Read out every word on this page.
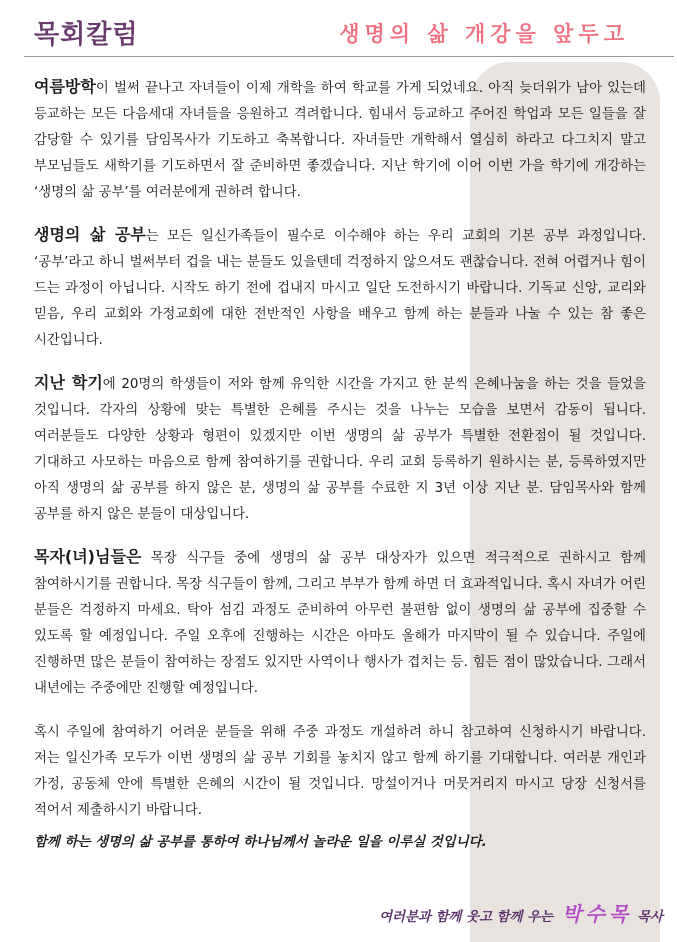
목회칼럼	생명의 삶 개강을 앞두고

여름방학이 벌써 끝나고 자녀들이 이제 개학을 하여 학교를 가게 되었네요. 아직 늦더위가 남아 있는데 등교하는 모든 다음세대 자녀들을 응원하고 격려합니다. 힘내서 등교하고 주어진 학업과 모든 일들을 잘 감당할 수 있기를 담임목사가 기도하고 축복합니다. 자녀들만 개학해서 열심히 하라고 다그치지 말고 부모님들도 새학기를 기도하면서 잘 준비하면 좋겠습니다. 지난 학기에 이어 이번 가을 학기에 개강하는 ‘생명의 삶 공부’를 여러분에게 권하려 합니다.

생명의 삶 공부는 모든 일신가족들이 필수로 이수해야 하는 우리 교회의 기본 공부 과정입니다. ‘공부’라고 하니 벌써부터 겁을 내는 분들도 있을텐데 걱정하지 않으셔도 괜찮습니다. 전혀 어렵거나 힘이 드는 과정이 아닙니다. 시작도 하기 전에 겁내지 마시고 일단 도전하시기 바랍니다. 기독교 신앙, 교리와 믿음, 우리 교회와 가정교회에 대한 전반적인 사항을 배우고 함께 하는 분들과 나눌 수 있는 참 좋은 시간입니다.

지난 학기에 20명의 학생들이 저와 함께 유익한 시간을 가지고 한 분씩 은혜나눔을 하는 것을 들었을 것입니다. 각자의 상황에 맞는 특별한 은혜를 주시는 것을 나누는 모습을 보면서 감동이 됩니다. 여러분들도 다양한 상황과 형편이 있겠지만 이번 생명의 삶 공부가 특별한 전환점이 될 것입니다. 기대하고 사모하는 마음으로 함께 참여하기를 권합니다. 우리 교회 등록하기 원하시는 분, 등록하였지만 아직 생명의 삶 공부를 하지 않은 분, 생명의 삶 공부를 수료한 지 3년 이상 지난 분. 담임목사와 함께 공부를 하지 않은 분들이 대상입니다.

목자(녀)님들은 목장 식구들 중에 생명의 삶 공부 대상자가 있으면 적극적으로 권하시고 함께 참여하시기를 권합니다. 목장 식구들이 함께, 그리고 부부가 함께 하면 더 효과적입니다. 혹시 자녀가 어린 분들은 걱정하지 마세요. 탁아 섬김 과정도 준비하여 아무런 불편함 없이 생명의 삶 공부에 집중할 수 있도록 할 예정입니다. 주일 오후에 진행하는 시간은 아마도 올해가 마지막이 될 수 있습니다. 주일에 진행하면 많은 분들이 참여하는 장점도 있지만 사역이나 행사가 겹치는 등. 힘든 점이 많았습니다. 그래서 내년에는 주중에만 진행할 예정입니다.

혹시 주일에 참여하기 어려운 분들을 위해 주중 과정도 개설하려 하니 참고하여 신청하시기 바랍니다. 저는 일신가족 모두가 이번 생명의 삶 공부 기회를 놓치지 않고 함께 하기를 기대합니다. 여러분 개인과 가정, 공동체 안에 특별한 은혜의 시간이 될 것입니다. 망설이거나 머뭇거리지 마시고 당장 신청서를 적어서 제출하시기 바랍니다.

함께 하는 생명의 삶 공부를 통하여 하나님께서 놀라운 일을 이루실 것입니다.

여러분과 함께 웃고 함께 우는 박수목 목사
